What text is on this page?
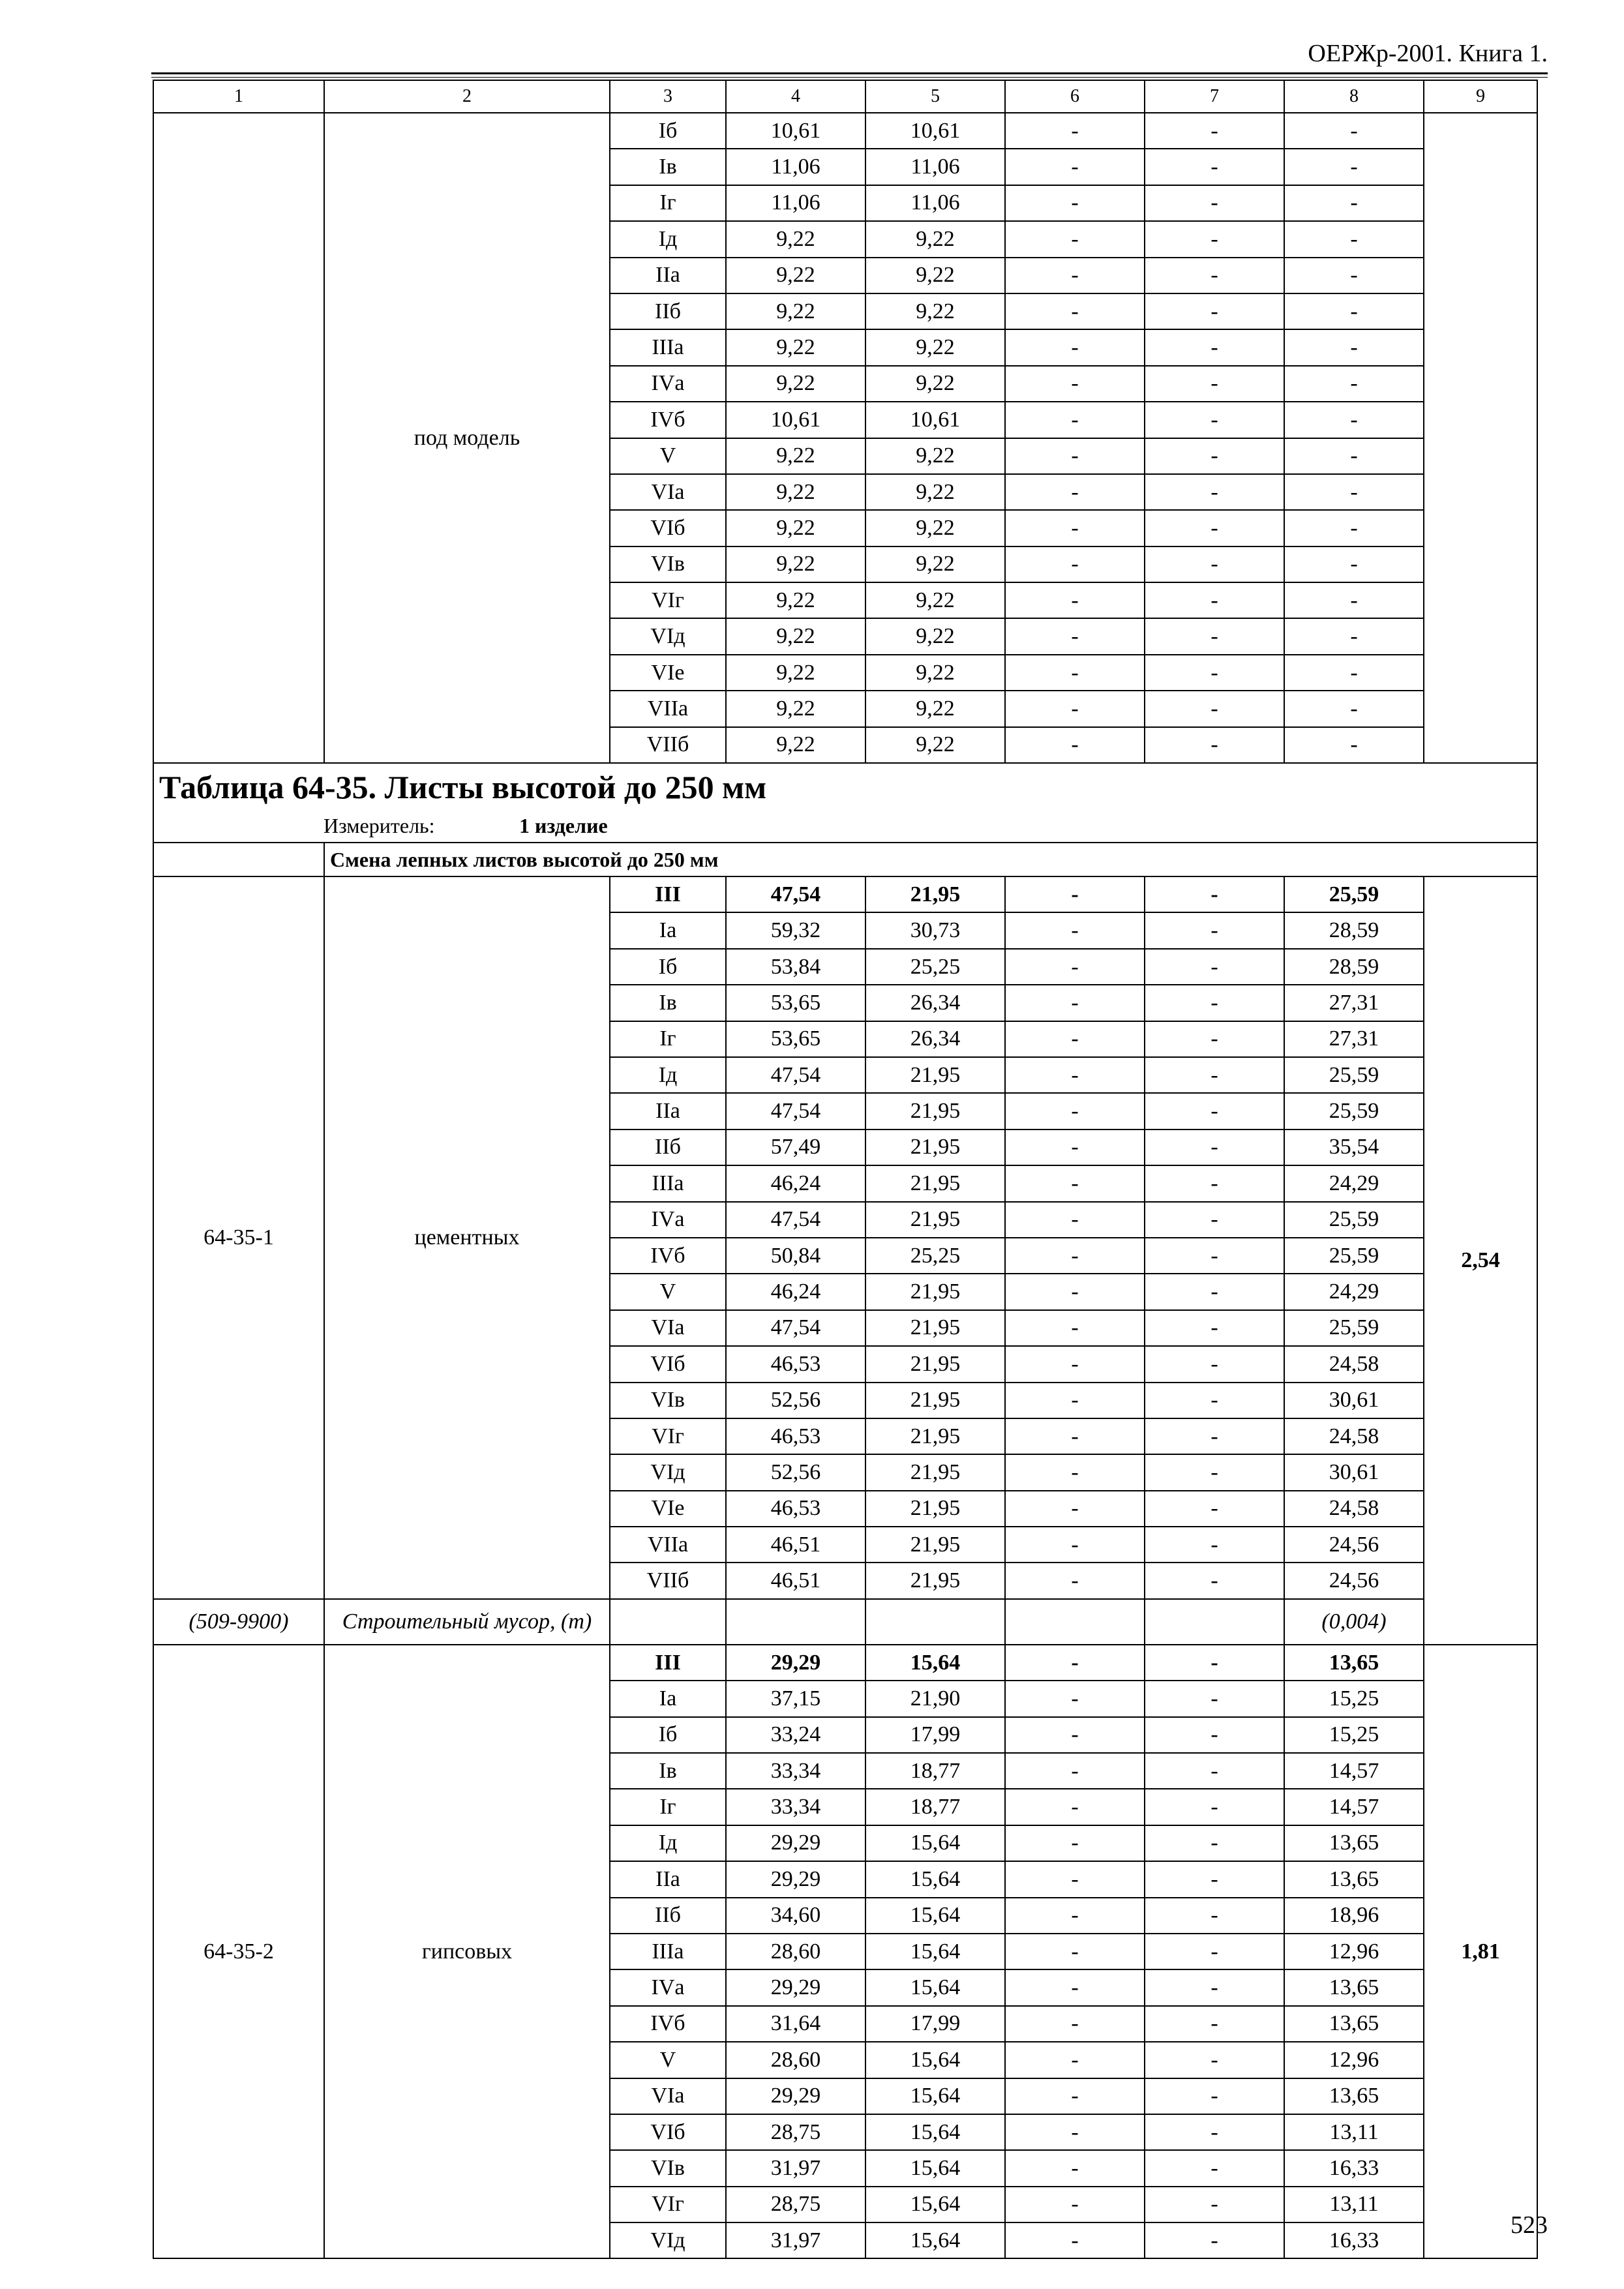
ОЕРЖр-2001. Книга 1.
1	2	3	4	5	6	7	8	9
	под модель	Iб	10,61	10,61	-	-	-	
		Iв	11,06	11,06	-	-	-	
		Iг	11,06	11,06	-	-	-	
		Iд	9,22	9,22	-	-	-	
		IIа	9,22	9,22	-	-	-	
		IIб	9,22	9,22	-	-	-	
		IIIа	9,22	9,22	-	-	-	
		IVа	9,22	9,22	-	-	-	
		IVб	10,61	10,61	-	-	-	
		V	9,22	9,22	-	-	-	
		VIа	9,22	9,22	-	-	-	
		VIб	9,22	9,22	-	-	-	
		VIв	9,22	9,22	-	-	-	
		VIг	9,22	9,22	-	-	-	
		VIд	9,22	9,22	-	-	-	
		VIе	9,22	9,22	-	-	-	
		VIIа	9,22	9,22	-	-	-	
		VIIб	9,22	9,22	-	-	-	
Таблица 64-35. Листы высотой до 250 мм								
Измеритель: 1 изделие								
	Смена лепных листов высотой до 250 мм							
64-35-1	цементных	III	47,54	21,95	-	-	25,59	2,54
		Iа	59,32	30,73	-	-	28,59	
		Iб	53,84	25,25	-	-	28,59	
		Iв	53,65	26,34	-	-	27,31	
		Iг	53,65	26,34	-	-	27,31	
		Iд	47,54	21,95	-	-	25,59	
		IIа	47,54	21,95	-	-	25,59	
		IIб	57,49	21,95	-	-	35,54	
		IIIа	46,24	21,95	-	-	24,29	
		IVа	47,54	21,95	-	-	25,59	
		IVб	50,84	25,25	-	-	25,59	
		V	46,24	21,95	-	-	24,29	
		VIа	47,54	21,95	-	-	25,59	
		VIб	46,53	21,95	-	-	24,58	
		VIв	52,56	21,95	-	-	30,61	
		VIг	46,53	21,95	-	-	24,58	
		VIд	52,56	21,95	-	-	30,61	
		VIе	46,53	21,95	-	-	24,58	
		VIIа	46,51	21,95	-	-	24,56	
		VIIб	46,51	21,95	-	-	24,56	
(509-9900)	Строительный мусор, (т)						(0,004)	
64-35-2	гипсовых	III	29,29	15,64	-	-	13,65	1,81
		Iа	37,15	21,90	-	-	15,25	
		Iб	33,24	17,99	-	-	15,25	
		Iв	33,34	18,77	-	-	14,57	
		Iг	33,34	18,77	-	-	14,57	
		Iд	29,29	15,64	-	-	13,65	
		IIа	29,29	15,64	-	-	13,65	
		IIб	34,60	15,64	-	-	18,96	
		IIIа	28,60	15,64	-	-	12,96	
		IVа	29,29	15,64	-	-	13,65	
		IVб	31,64	17,99	-	-	13,65	
		V	28,60	15,64	-	-	12,96	
		VIа	29,29	15,64	-	-	13,65	
		VIб	28,75	15,64	-	-	13,11	
		VIв	31,97	15,64	-	-	16,33	
		VIг	28,75	15,64	-	-	13,11	
		VIд	31,97	15,64	-	-	16,33	
523
